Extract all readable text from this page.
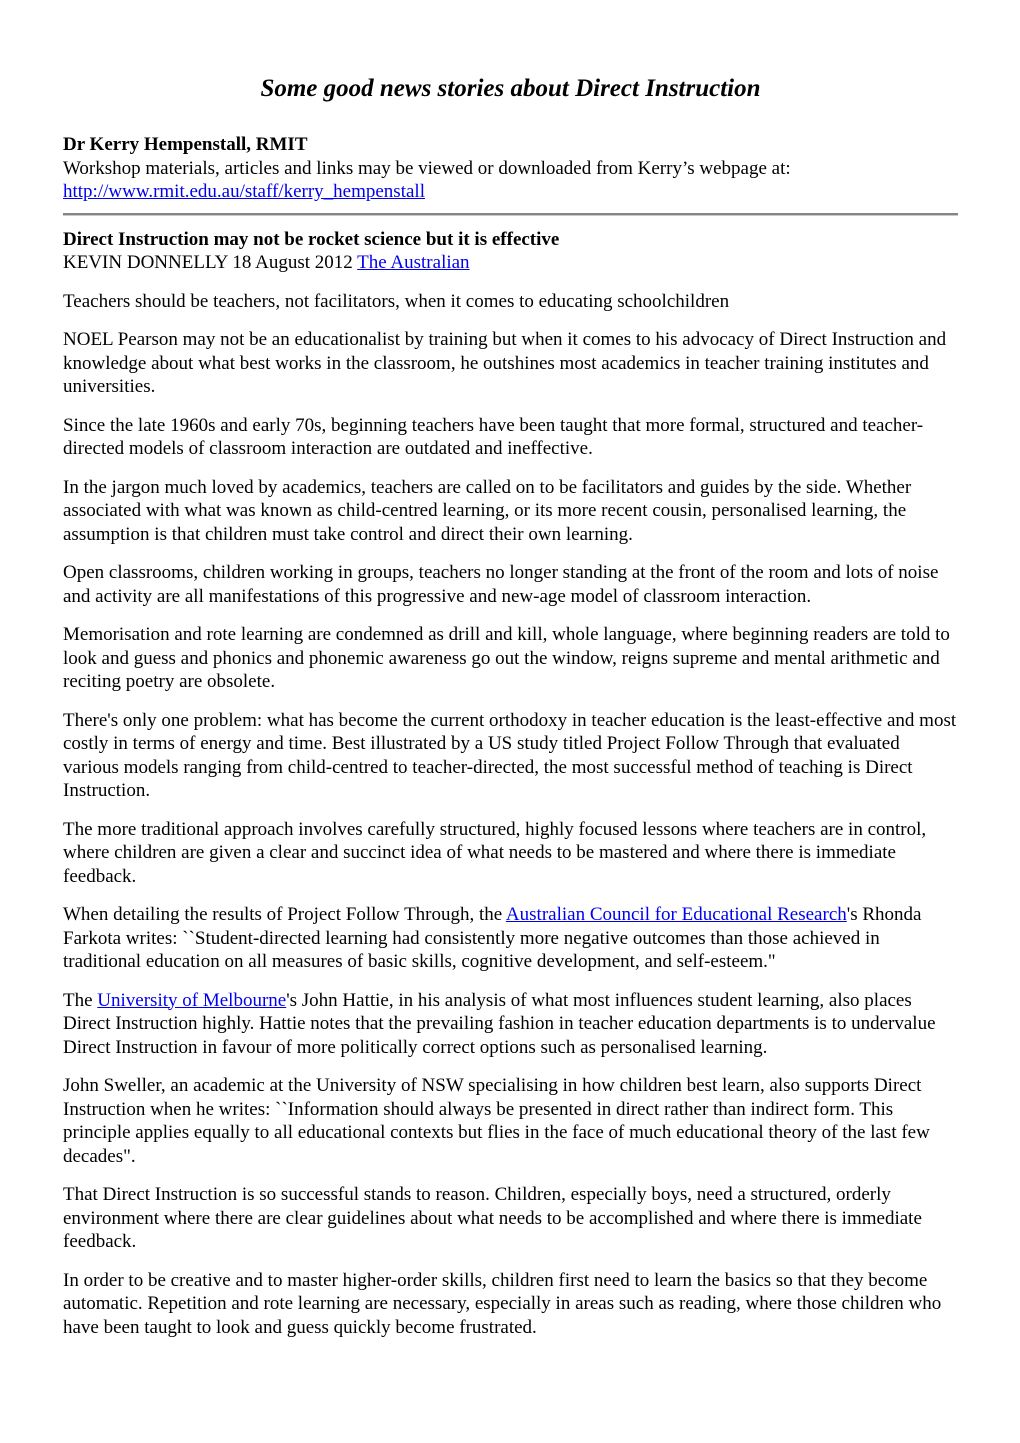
Some good news stories about Direct Instruction

Dr Kerry Hempenstall, RMIT
Workshop materials, articles and links may be viewed or downloaded from Kerry’s webpage at:
http://www.rmit.edu.au/staff/kerry_hempenstall

Direct Instruction may not be rocket science but it is effective
KEVIN DONNELLY 18 August 2012 The Australian

Teachers should be teachers, not facilitators, when it comes to educating schoolchildren

NOEL Pearson may not be an educationalist by training but when it comes to his advocacy of Direct Instruction and knowledge about what best works in the classroom, he outshines most academics in teacher training institutes and universities.

Since the late 1960s and early 70s, beginning teachers have been taught that more formal, structured and teacher-directed models of classroom interaction are outdated and ineffective.

In the jargon much loved by academics, teachers are called on to be facilitators and guides by the side. Whether associated with what was known as child-centred learning, or its more recent cousin, personalised learning, the assumption is that children must take control and direct their own learning.

Open classrooms, children working in groups, teachers no longer standing at the front of the room and lots of noise and activity are all manifestations of this progressive and new-age model of classroom interaction.

Memorisation and rote learning are condemned as drill and kill, whole language, where beginning readers are told to look and guess and phonics and phonemic awareness go out the window, reigns supreme and mental arithmetic and reciting poetry are obsolete.

There's only one problem: what has become the current orthodoxy in teacher education is the least-effective and most costly in terms of energy and time. Best illustrated by a US study titled Project Follow Through that evaluated various models ranging from child-centred to teacher-directed, the most successful method of teaching is Direct Instruction.

The more traditional approach involves carefully structured, highly focused lessons where teachers are in control, where children are given a clear and succinct idea of what needs to be mastered and where there is immediate feedback.

When detailing the results of Project Follow Through, the Australian Council for Educational Research's Rhonda Farkota writes: ``Student-directed learning had consistently more negative outcomes than those achieved in traditional education on all measures of basic skills, cognitive development, and self-esteem."

The University of Melbourne's John Hattie, in his analysis of what most influences student learning, also places Direct Instruction highly. Hattie notes that the prevailing fashion in teacher education departments is to undervalue Direct Instruction in favour of more politically correct options such as personalised learning.

John Sweller, an academic at the University of NSW specialising in how children best learn, also supports Direct Instruction when he writes: ``Information should always be presented in direct rather than indirect form. This principle applies equally to all educational contexts but flies in the face of much educational theory of the last few decades".

That Direct Instruction is so successful stands to reason. Children, especially boys, need a structured, orderly environment where there are clear guidelines about what needs to be accomplished and where there is immediate feedback.

In order to be creative and to master higher-order skills, children first need to learn the basics so that they become automatic. Repetition and rote learning are necessary, especially in areas such as reading, where those children who have been taught to look and guess quickly become frustrated.
